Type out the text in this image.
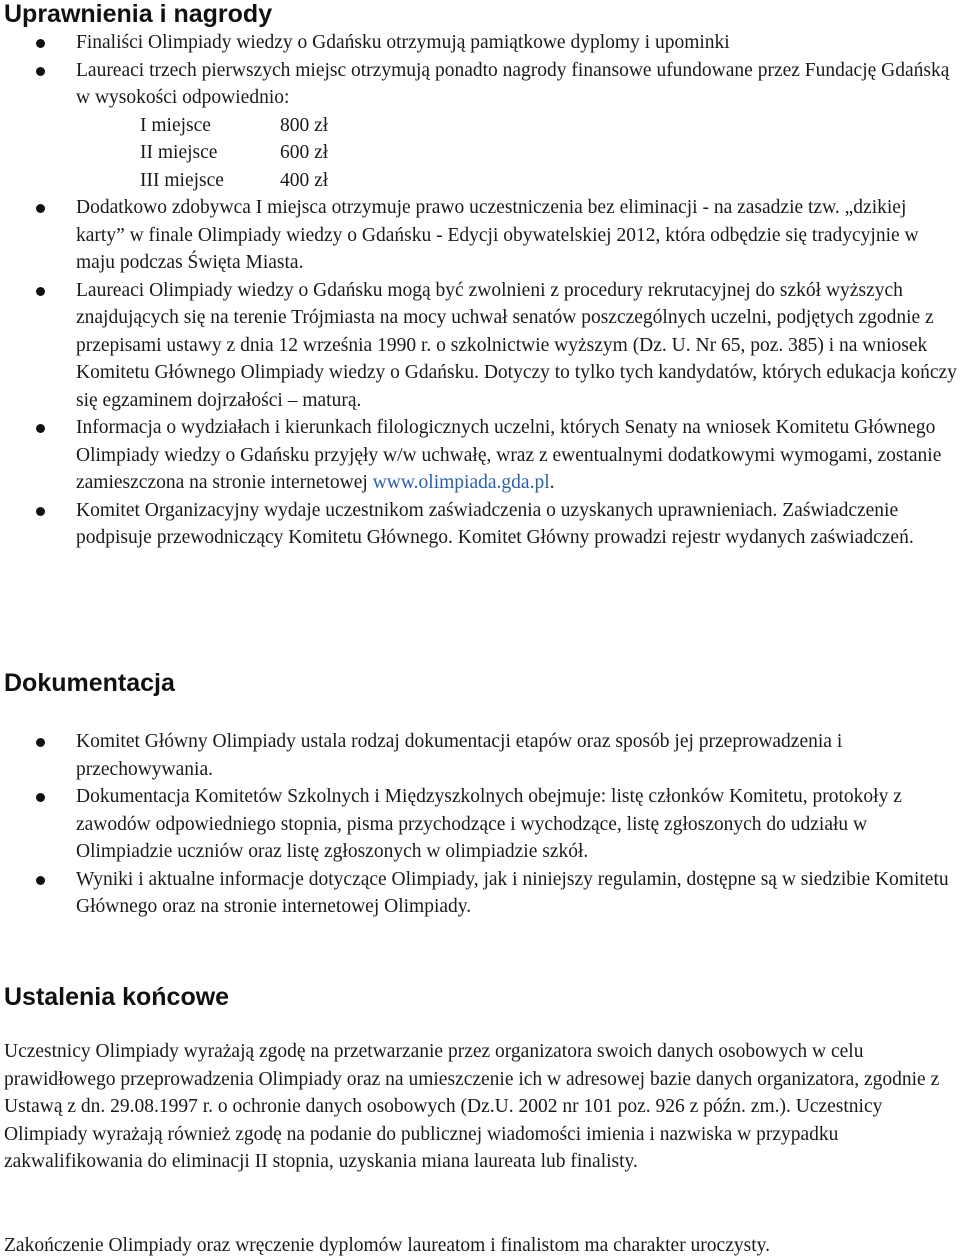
Uprawnienia i nagrody
Finaliści Olimpiady wiedzy o Gdańsku otrzymują pamiątkowe dyplomy i upominki
Laureaci trzech pierwszych miejsc otrzymują ponadto nagrody finansowe ufundowane przez Fundację Gdańską w wysokości odpowiednio:
I miejsce	800 zł
II miejsce	600 zł
III miejsce	400 zł
Dodatkowo zdobywca I miejsca otrzymuje prawo uczestniczenia bez eliminacji - na zasadzie tzw. „dzikiej karty” w finale Olimpiady wiedzy o Gdańsku - Edycji obywatelskiej 2012, która odbędzie się tradycyjnie w maju podczas Święta Miasta.
Laureaci Olimpiady wiedzy o Gdańsku mogą być zwolnieni z procedury rekrutacyjnej do szkół wyższych znajdujących się na terenie Trójmiasta na mocy uchwał senatów poszczególnych uczelni, podjętych zgodnie z przepisami ustawy z dnia 12 września 1990 r. o szkolnictwie wyższym (Dz. U. Nr 65, poz. 385) i na wniosek Komitetu Głównego Olimpiady wiedzy o Gdańsku. Dotyczy to tylko tych kandydatów, których edukacja kończy się egzaminem dojrzałości – maturą.
Informacja o wydziałach i kierunkach filologicznych uczelni, których Senaty na wniosek Komitetu Głównego Olimpiady wiedzy o Gdańsku przyjęły w/w uchwałę, wraz z ewentualnymi dodatkowymi wymogami, zostanie zamieszczona na stronie internetowej www.olimpiada.gda.pl.
Komitet Organizacyjny wydaje uczestnikom zaświadczenia o uzyskanych uprawnieniach. Zaświadczenie podpisuje przewodniczący Komitetu Głównego. Komitet Główny prowadzi rejestr wydanych zaświadczeń.
Dokumentacja
Komitet Główny Olimpiady ustala rodzaj dokumentacji etapów oraz sposób jej przeprowadzenia i przechowywania.
Dokumentacja Komitetów Szkolnych i Międzyszkolnych obejmuje: listę członków Komitetu, protokoły z zawodów odpowiedniego stopnia, pisma przychodzące i wychodzące, listę zgłoszonych do udziału w Olimpiadzie uczniów oraz listę zgłoszonych w olimpiadzie szkół.
Wyniki i aktualne informacje dotyczące Olimpiady, jak i niniejszy regulamin, dostępne są w siedzibie Komitetu Głównego oraz na stronie internetowej Olimpiady.
Ustalenia końcowe

Uczestnicy Olimpiady wyrażają zgodę na przetwarzanie przez organizatora swoich danych osobowych w celu prawidłowego przeprowadzenia Olimpiady oraz na umieszczenie ich w adresowej bazie danych organizatora, zgodnie z Ustawą z dn. 29.08.1997 r. o ochronie danych osobowych (Dz.U. 2002 nr 101 poz. 926 z późn. zm.). Uczestnicy Olimpiady wyrażają również zgodę na podanie do publicznej wiadomości imienia i nazwiska w przypadku zakwalifikowania do eliminacji II stopnia, uzyskania miana laureata lub finalisty.

Zakończenie Olimpiady oraz wręczenie dyplomów laureatom i finalistom ma charakter uroczysty.
